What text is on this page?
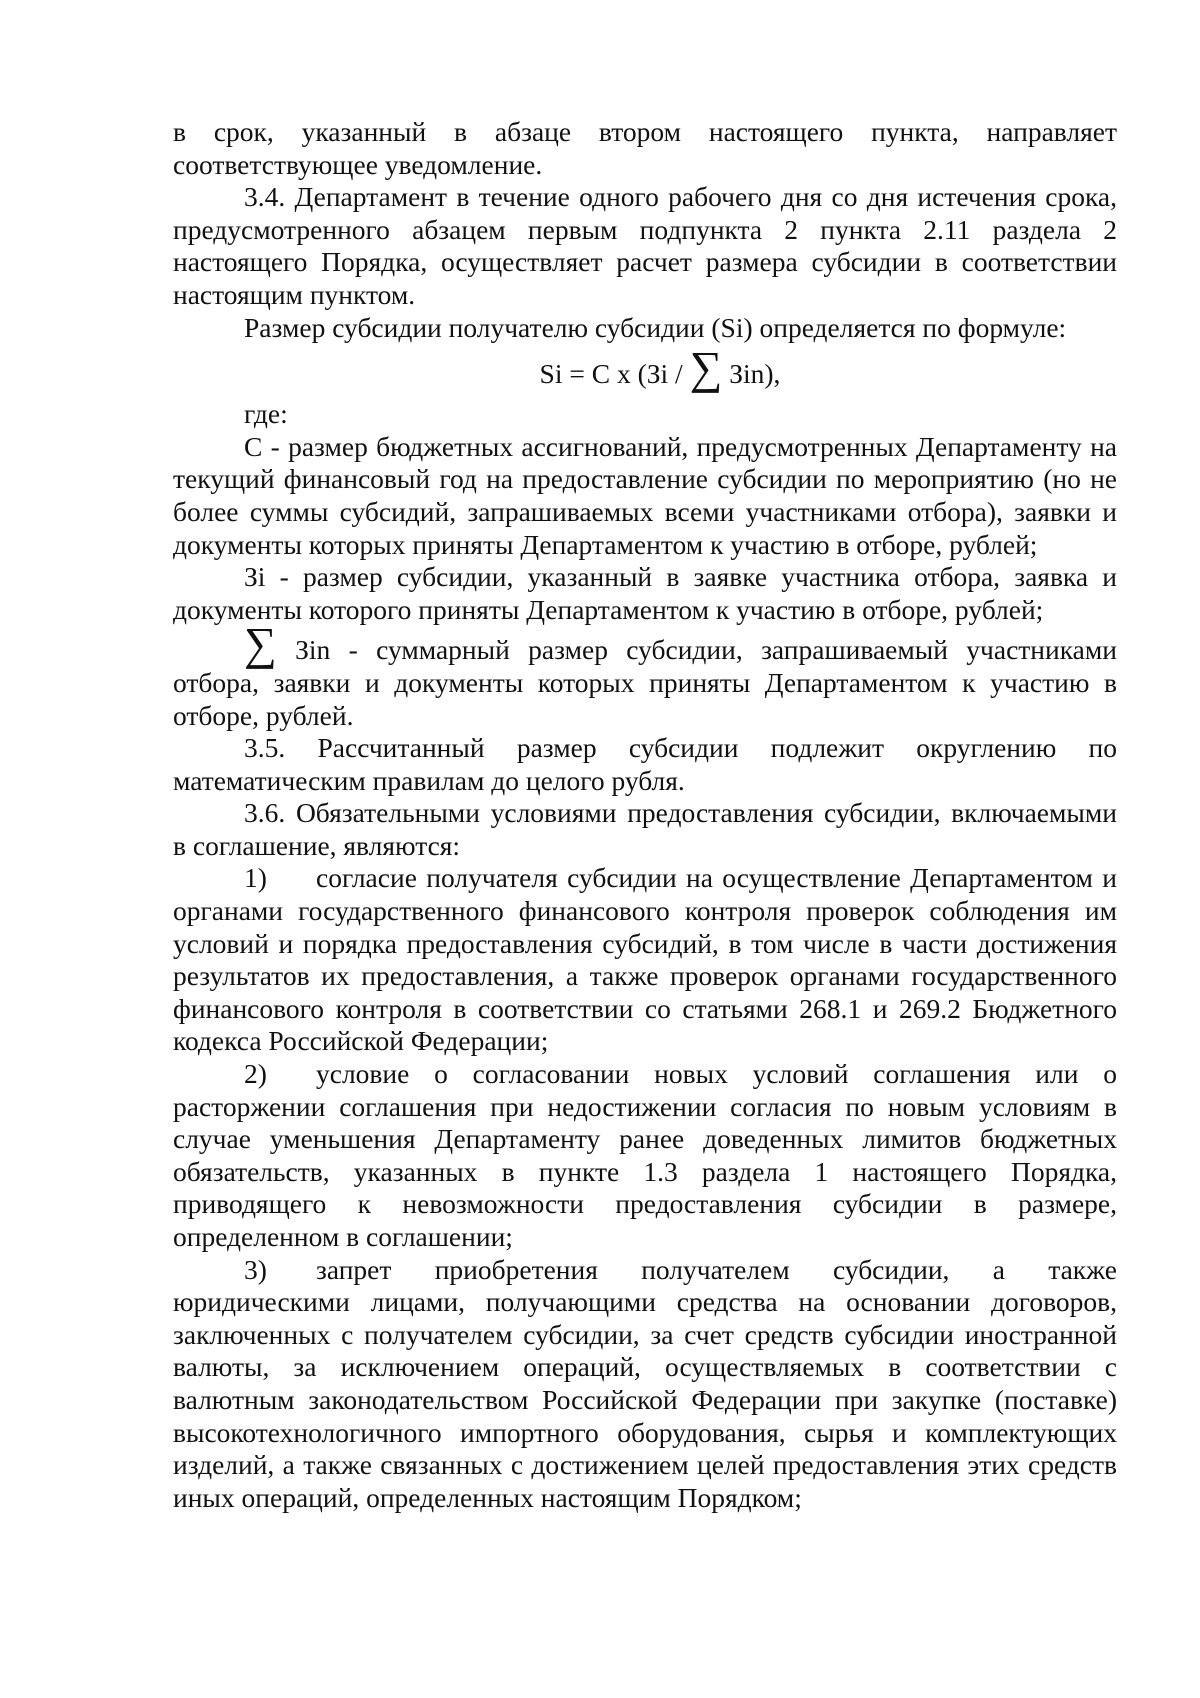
в срок, указанный в абзаце втором настоящего пункта, направляет соответствующее уведомление.

3.4. Департамент в течение одного рабочего дня со дня истечения срока, предусмотренного абзацем первым подпункта 2 пункта 2.11 раздела 2 настоящего Порядка, осуществляет расчет размера субсидии в соответствии настоящим пунктом.

Размер субсидии получателю субсидии (Si) определяется по формуле:

Si = C x (Зi / ∑ Зin),

где:

C - размер бюджетных ассигнований, предусмотренных Департаменту на текущий финансовый год на предоставление субсидии по мероприятию (но не более суммы субсидий, запрашиваемых всеми участниками отбора), заявки и документы которых приняты Департаментом к участию в отборе, рублей;

Зi - размер субсидии, указанный в заявке участника отбора, заявка и документы которого приняты Департаментом к участию в отборе, рублей;

∑ Зin - суммарный размер субсидии, запрашиваемый участниками отбора, заявки и документы которых приняты Департаментом к участию в отборе, рублей.

3.5. Рассчитанный размер субсидии подлежит округлению по математическим правилам до целого рубля.

3.6. Обязательными условиями предоставления субсидии, включаемыми в соглашение, являются:

1) согласие получателя субсидии на осуществление Департаментом и органами государственного финансового контроля проверок соблюдения им условий и порядка предоставления субсидий, в том числе в части достижения результатов их предоставления, а также проверок органами государственного финансового контроля в соответствии со статьями 268.1 и 269.2 Бюджетного кодекса Российской Федерации;

2) условие о согласовании новых условий соглашения или о расторжении соглашения при недостижении согласия по новым условиям в случае уменьшения Департаменту ранее доведенных лимитов бюджетных обязательств, указанных в пункте 1.3 раздела 1 настоящего Порядка, приводящего к невозможности предоставления субсидии в размере, определенном в соглашении;

3) запрет приобретения получателем субсидии, а также юридическими лицами, получающими средства на основании договоров, заключенных с получателем субсидии, за счет средств субсидии иностранной валюты, за исключением операций, осуществляемых в соответствии с валютным законодательством Российской Федерации при закупке (поставке) высокотехнологичного импортного оборудования, сырья и комплектующих изделий, а также связанных с достижением целей предоставления этих средств иных операций, определенных настоящим Порядком;
